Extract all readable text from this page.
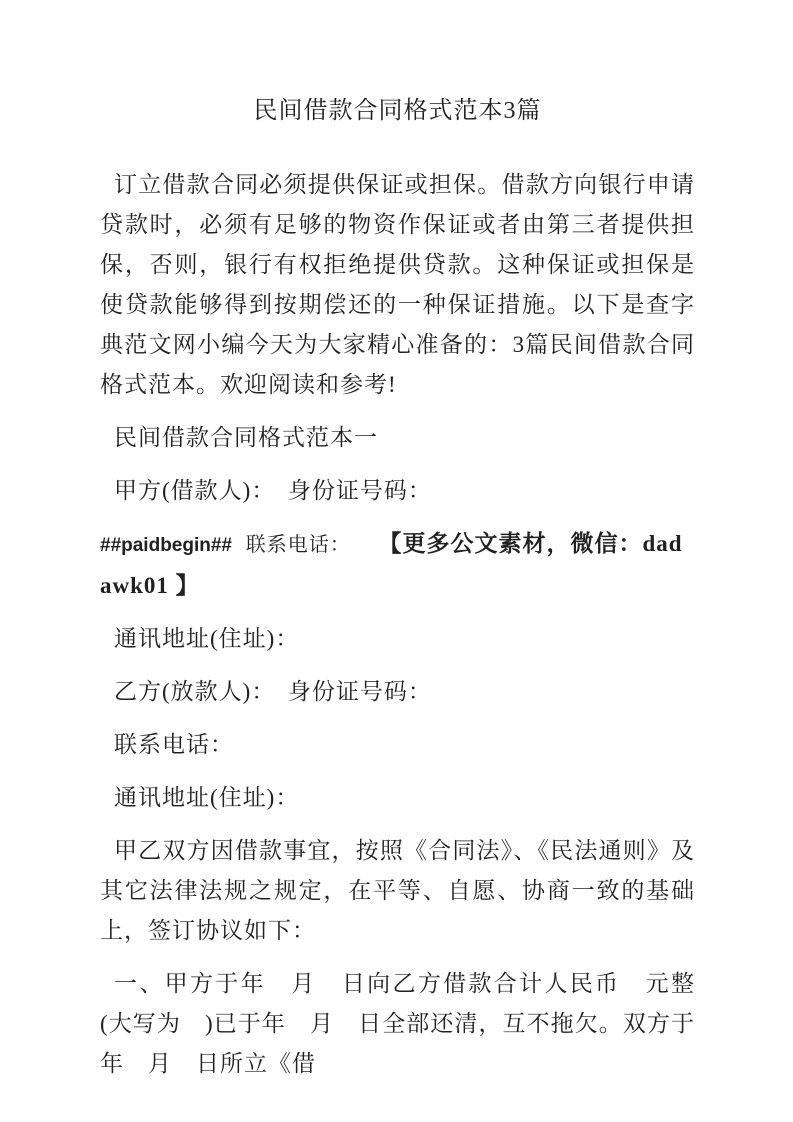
民间借款合同格式范本3篇

订立借款合同必须提供保证或担保。借款方向银行申请贷款时，必须有足够的物资作保证或者由第三者提供担保，否则，银行有权拒绝提供贷款。这种保证或担保是使贷款能够得到按期偿还的一种保证措施。以下是查字典范文网小编今天为大家精心准备的：3篇民间借款合同格式范本。欢迎阅读和参考!

民间借款合同格式范本一

甲方(借款人)：　身份证号码：

##paidbegin## 联系电话： 【更多公文素材，微信：dadawk01 】

通讯地址(住址)：

乙方(放款人)：　身份证号码：

联系电话：

通讯地址(住址)：

甲乙双方因借款事宜，按照《合同法》、《民法通则》及其它法律法规之规定，在平等、自愿、协商一致的基础上，签订协议如下：

一、甲方于年　月　日向乙方借款合计人民币　元整(大写为　)已于年　月　日全部还清，互不拖欠。双方于年　月　日所立《借
